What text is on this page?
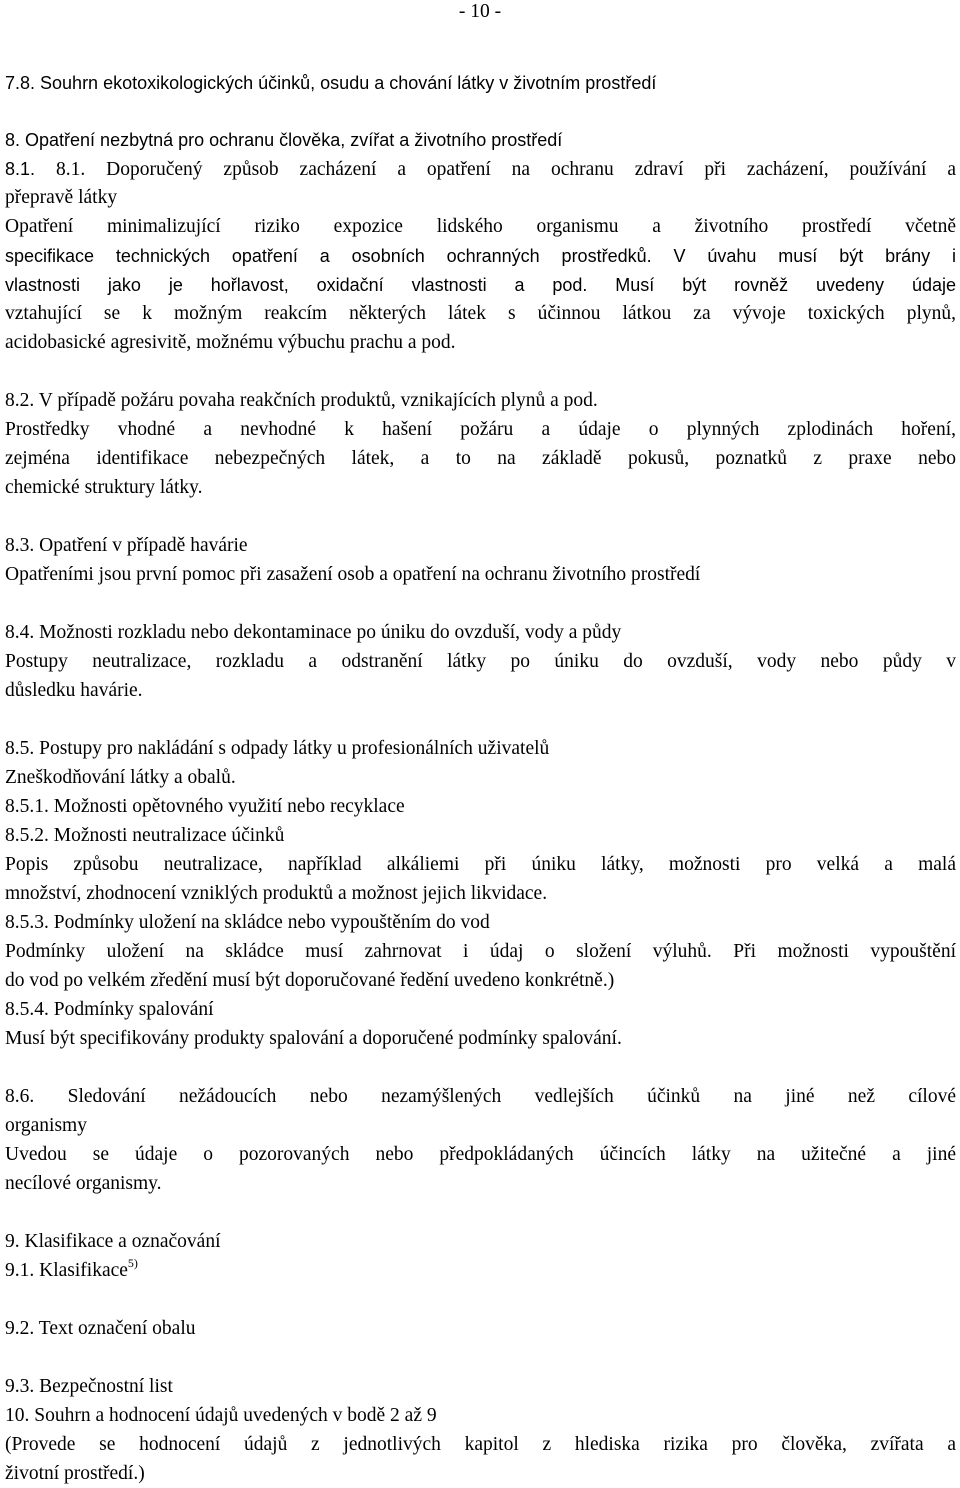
- 10 -
7.8. Souhrn ekotoxikologických účinků, osudu a chování látky v životním prostředí
8. Opatření nezbytná pro ochranu člověka, zvířat a životního prostředí
8.1. 8.1. Doporučený způsob zacházení a opatření na ochranu zdraví při zacházení, používání a
přepravě látky
Opatření minimalizující riziko expozice lidského organismu a životního prostředí včetně
specifikace technických opatření a osobních ochranných prostředků. V úvahu musí být brány i
vlastnosti jako je hořlavost, oxidační vlastnosti a pod. Musí být rovněž uvedeny údaje
vztahující se k možným reakcím některých látek s účinnou látkou za vývoje toxických plynů,
acidobasické agresivitě, možnému výbuchu prachu a pod.
8.2. V případě požáru povaha reakčních produktů, vznikajících plynů a pod.
Prostředky vhodné a nevhodné k hašení požáru a údaje o plynných zplodinách hoření,
zejména identifikace nebezpečných látek, a to na základě pokusů, poznatků z praxe nebo
chemické struktury látky.
8.3. Opatření v případě havárie
Opatřeními jsou první pomoc při zasažení osob a opatření na ochranu životního prostředí
8.4. Možnosti rozkladu nebo dekontaminace po úniku do ovzduší, vody a půdy
Postupy neutralizace, rozkladu a odstranění látky po úniku do ovzduší, vody nebo půdy v
důsledku havárie.
8.5. Postupy pro nakládání s odpady látky u profesionálních uživatelů
Zneškodňování látky a obalů.
8.5.1. Možnosti opětovného využití nebo recyklace
8.5.2. Možnosti neutralizace účinků
Popis způsobu neutralizace, například alkáliemi při úniku látky, možnosti pro velká a malá
množství, zhodnocení vzniklých produktů a možnost jejich likvidace.
8.5.3. Podmínky uložení na skládce nebo vypouštěním do vod
Podmínky uložení na skládce musí zahrnovat i údaj o složení výluhů. Při možnosti vypouštění
do vod po velkém zředění musí být doporučované ředění uvedeno konkrétně.)
8.5.4. Podmínky spalování
Musí být specifikovány produkty spalování a doporučené podmínky spalování.
8.6. Sledování nežádoucích nebo nezamýšlených vedlejších účinků na jiné než cílové
organismy
Uvedou se údaje o pozorovaných nebo předpokládaných účincích látky na užitečné a jiné
necílové organismy.
9. Klasifikace a označování
9.1. Klasifikace$^{5)}$
9.2. Text označení obalu
9.3. Bezpečnostní list
10. Souhrn a hodnocení údajů uvedených v bodě 2 až 9
(Provede se hodnocení údajů z jednotlivých kapitol z hlediska rizika pro člověka, zvířata a
životní prostředí.)
